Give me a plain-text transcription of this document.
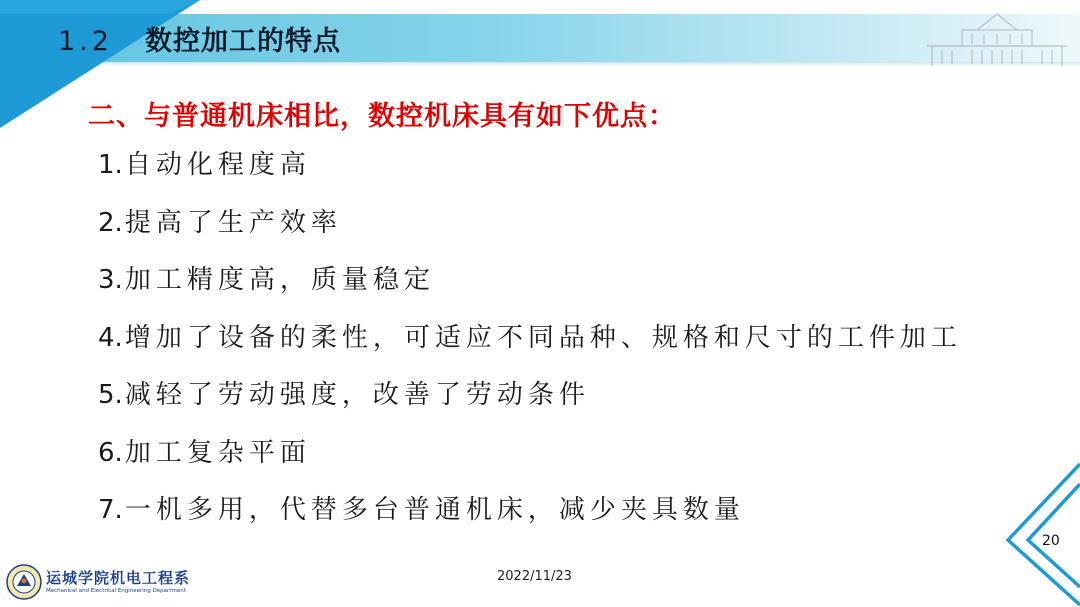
1.2 数控加工的特点
二、与普通机床相比，数控机床具有如下优点：
1.自动化程度高
2.提高了生产效率
3.加工精度高，质量稳定
4.增加了设备的柔性，可适应不同品种、规格和尺寸的工件加工
5.减轻了劳动强度，改善了劳动条件
6.加工复杂平面
7.一机多用，代替多台普通机床，减少夹具数量
20
2022/11/23
运城学院机电工程系
Mechanical and Electrical Engineering Department
